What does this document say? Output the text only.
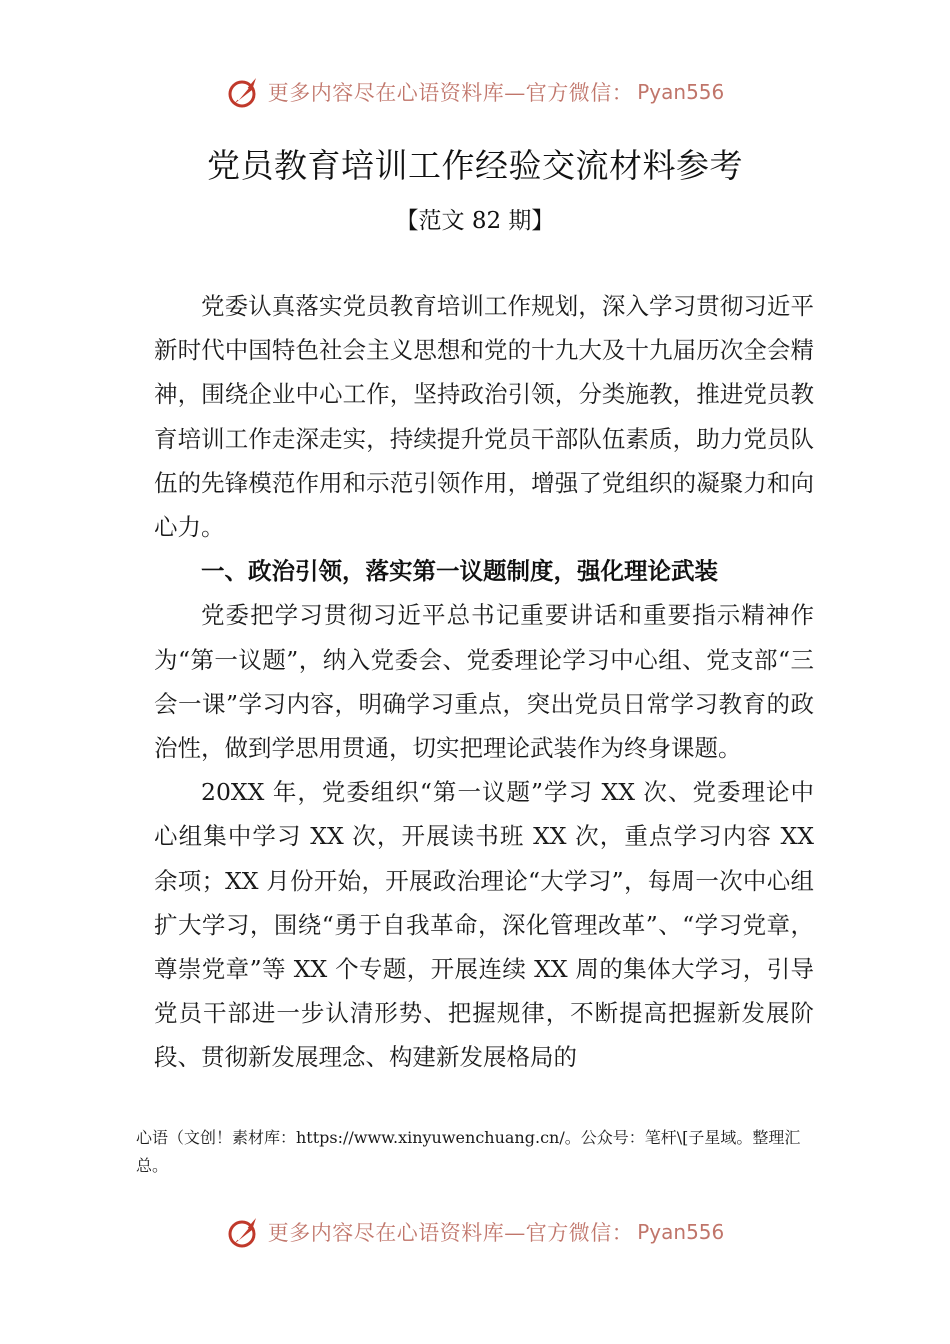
更多内容尽在心语资料库—官方微信： Pyan556
党员教育培训工作经验交流材料参考
【范文 82 期】

党委认真落实党员教育培训工作规划，深入学习贯彻习近平新时代中国特色社会主义思想和党的十九大及十九届历次全会精神，围绕企业中心工作，坚持政治引领，分类施教，推进党员教育培训工作走深走实，持续提升党员干部队伍素质，助力党员队伍的先锋模范作用和示范引领作用，增强了党组织的凝聚力和向心力。

一、政治引领，落实第一议题制度，强化理论武装

党委把学习贯彻习近平总书记重要讲话和重要指示精神作为“第一议题”，纳入党委会、党委理论学习中心组、党支部“三会一课”学习内容，明确学习重点，突出党员日常学习教育的政治性，做到学思用贯通，切实把理论武装作为终身课题。

20XX 年，党委组织“第一议题”学习 XX 次、党委理论中心组集中学习 XX 次，开展读书班 XX 次，重点学习内容 XX 余项；XX 月份开始，开展政治理论“大学习”，每周一次中心组扩大学习，围绕“勇于自我革命，深化管理改革”、“学习党章，尊崇党章”等 XX 个专题，开展连续 XX 周的集体大学习，引导党员干部进一步认清形势、把握规律，不断提高把握新发展阶段、贯彻新发展理念、构建新发展格局的

心语（文创！素材库：https://www.xinyuwenchuang.cn/。公众号：笔杆\[子星域。整理汇总。
更多内容尽在心语资料库—官方微信： Pyan556
